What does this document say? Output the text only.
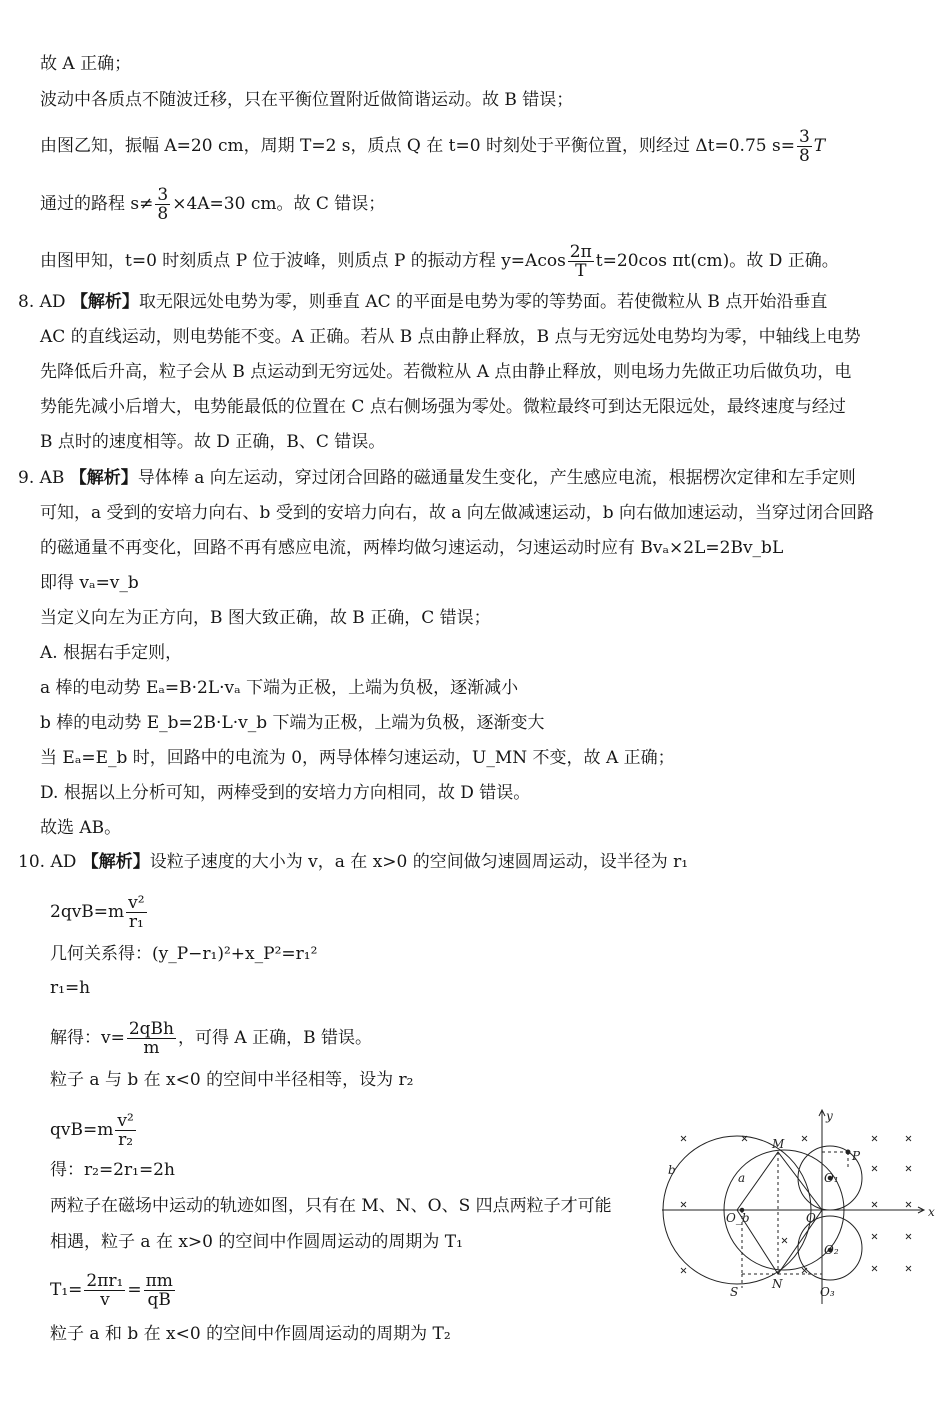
故 A 正确；
波动中各质点不随波迁移，只在平衡位置附近做简谐运动。故 B 错误；
由图乙知，振幅 A=20 cm，周期 T=2 s，质点 Q 在 t=0 时刻处于平衡位置，则经过 Δt=0.75 $s= \frac{3}{8}$ T
通过的路程 $s\ne \frac{3}{8} \times 4A=30$ cm。故 C 错误；
由图甲知，t=0 时刻质点 P 位于波峰，则质点 P 的振动方程 $y=Acos \frac{2\pi}{T} t=20\cos$ πt(cm)。故 D 正确。
8. AD 【解析】取无限远处电势为零，则垂直 AC 的平面是电势为零的等势面。若使微粒从 B 点开始沿垂直
AC 的直线运动，则电势能不变。A 正确。若从 B 点由静止释放，B 点与无穷远处电势均为零，中轴线上电势
先降低后升高，粒子会从 B 点运动到无穷远处。若微粒从 A 点由静止释放，则电场力先做正功后做负功，电
势能先减小后增大，电势能最低的位置在 C 点右侧场强为零处。微粒最终可到达无限远处，最终速度与经过
B 点时的速度相等。故 D 正确，B、C 错误。
9. AB 【解析】导体棒 a 向左运动，穿过闭合回路的磁通量发生变化，产生感应电流，根据楞次定律和左手定则
可知，a 受到的安培力向右、b 受到的安培力向右，故 a 向左做减速运动，b 向右做加速运动，当穿过闭合回路
的磁通量不再变化，回路不再有感应电流，两棒均做匀速运动，匀速运动时应有 Bvₐ×2L=2Bv_bL
即得 vₐ=v_b
当定义向左为正方向，B 图大致正确，故 B 正确，C 错误；
A. 根据右手定则，
a 棒的电动势 Eₐ=B·2L·vₐ 下端为正极，上端为负极，逐渐减小
b 棒的电动势 E_b=2B·L·v_b 下端为正极，上端为负极，逐渐变大
当 Eₐ=E_b 时，回路中的电流为 0，两导体棒匀速运动，U_MN 不变，故 A 正确；
D. 根据以上分析可知，两棒受到的安培力方向相同，故 D 错误。
故选 AB。
10. AD 【解析】设粒子速度的大小为 v，a 在 x>0 的空间做匀速圆周运动，设半径为 r₁
$2qvB=m \frac{\text{v²}}{\text{r₁}}$
几何关系得：(y_P−r₁)²+x_P²=r₁²
r₁=h
解得：$v= \frac{\text{2qBh}}{m}$ ，可得 A 正确，B 错误。
粒子 a 与 b 在 x<0 的空间中半径相等，设为 r₂
$qvB=m \frac{\text{v²}}{\text{r₂}}$
得：r₂=2r₁=2h
两粒子在磁场中运动的轨迹如图，只有在 M、N、O、S 四点两粒子才可能
相遇，粒子 a 在 x>0 的空间中作圆周运动的周期为 T₁
$T_1= \frac{\text{2πr₁}}{v} = \frac{\pi m}{qB}$
粒子 a 和 b 在 x<0 的空间中作圆周运动的周期为 T₂
x
y
b
a
M
N
S
P
O
O_b
O₁
O₂
O₃
